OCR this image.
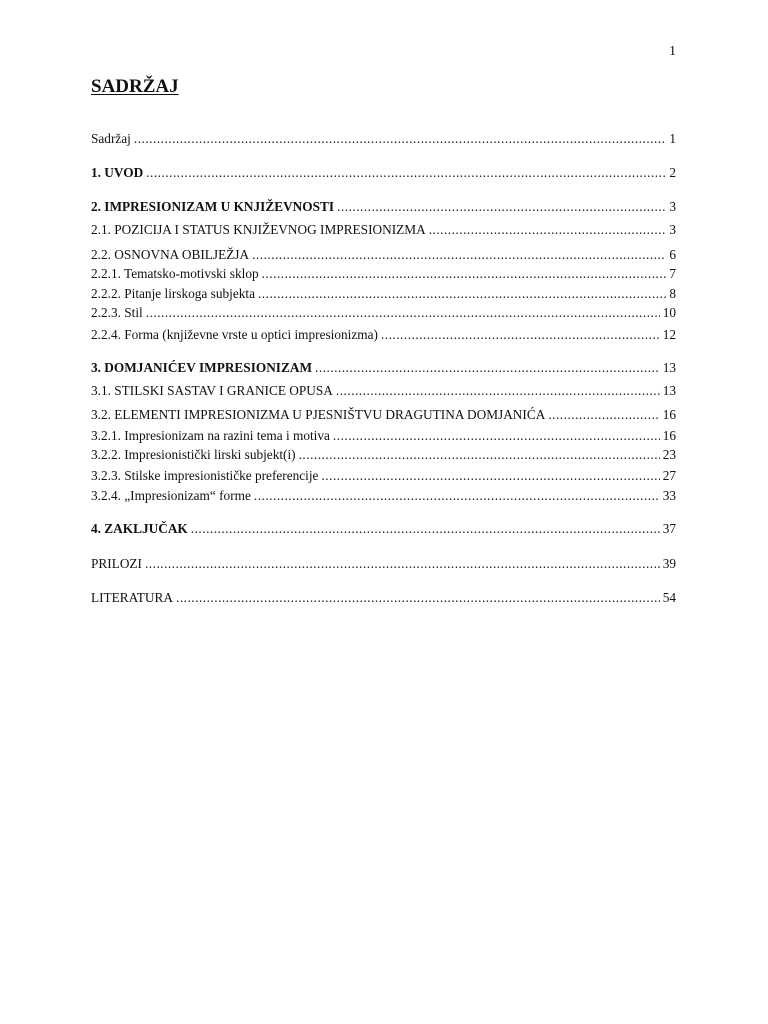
1
SADRŽAJ
Sadržaj .....	1
1. UVOD .....	2
2. IMPRESIONIZAM U KNJIŽEVNOSTI .....	3
2.1. POZICIJA I STATUS KNJIŽEVNOG IMPRESIONIZMA .....	3
2.2. OSNOVNA OBILJEŽJA .....	6
2.2.1. Tematsko-motivski sklop .....	7
2.2.2. Pitanje lirskoga subjekta .....	8
2.2.3. Stil .....	10
2.2.4. Forma (književne vrste u optici impresionizma) .....	12
3. DOMJANIĆEV IMPRESIONIZAM .....	13
3.1. STILSKI SASTAV I GRANICE OPUSA .....	13
3.2. ELEMENTI IMPRESIONIZMA U PJESNIŠTVU DRAGUTINA DOMJANIĆA .....	16
3.2.1. Impresionizam na razini tema i motiva .....	16
3.2.2. Impresionistički lirski subjekt(i) .....	23
3.2.3. Stilske impresionističke preferencije .....	27
3.2.4. „Impresionizam“ forme .....	33
4. ZAKLJUČAK .....	37
PRILOZI .....	39
LITERATURA .....	54
